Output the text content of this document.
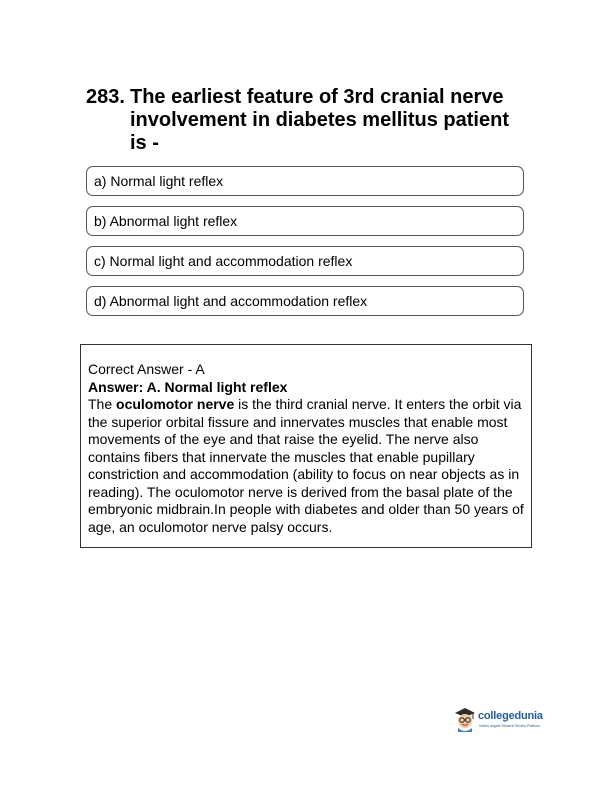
283. The earliest feature of 3rd cranial nerve involvement in diabetes mellitus patient is -
a) Normal light reflex
b) Abnormal light reflex
c) Normal light and accommodation reflex
d) Abnormal light and accommodation reflex

Correct Answer - A

Answer: A. Normal light reflex

The oculomotor nerve is the third cranial nerve. It enters the orbit via the superior orbital fissure and innervates muscles that enable most movements of the eye and that raise the eyelid. The nerve also contains fibers that innervate the muscles that enable pupillary constriction and accommodation (ability to focus on near objects as in reading). The oculomotor nerve is derived from the basal plate of the embryonic midbrain.In people with diabetes and older than 50 years of age, an oculomotor nerve palsy occurs.

collegedunia
India's largest Student Review Platform
